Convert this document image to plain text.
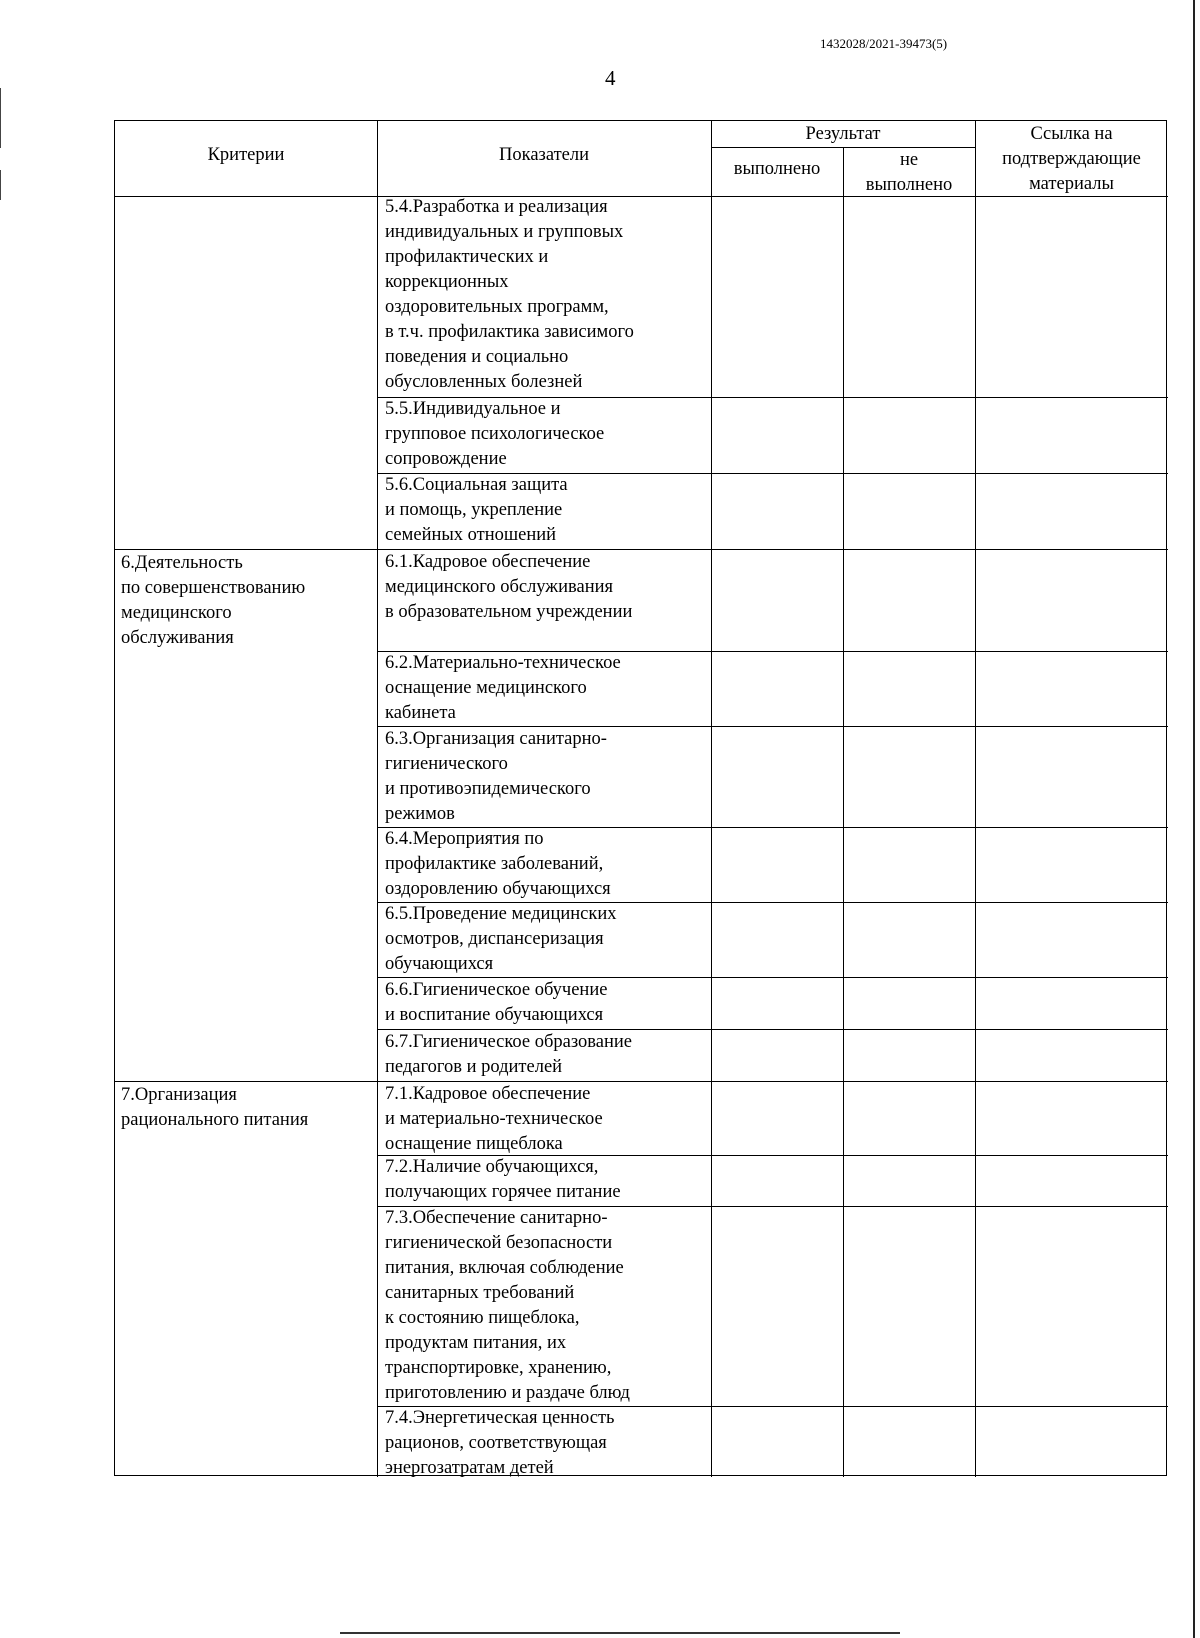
1432028/2021-39473(5)
4
Критерии	Показатели
Результат
выполнено	не
выполнено
Ссылка на
подтверждающие
материалы
6.Деятельность
по совершенствованию
медицинского
обслуживания
7.Организация
рационального питания
5.4.Разработка и реализация
индивидуальных и групповых
профилактических и
коррекционных
оздоровительных программ,
в т.ч. профилактика зависимого
поведения и социально
обусловленных болезней
5.5.Индивидуальное и
групповое психологическое
сопровождение
5.6.Социальная защита
и помощь, укрепление
семейных отношений
6.1.Кадровое обеспечение
медицинского обслуживания
в образовательном учреждении
6.2.Материально-техническое
оснащение медицинского
кабинета
6.3.Организация санитарно-
гигиенического
и противоэпидемического
режимов
6.4.Мероприятия по
профилактике заболеваний,
оздоровлению обучающихся
6.5.Проведение медицинских
осмотров, диспансеризация
обучающихся
6.6.Гигиеническое обучение
и воспитание обучающихся
6.7.Гигиеническое образование
педагогов и родителей
7.1.Кадровое обеспечение
и материально-техническое
оснащение пищеблока
7.2.Наличие обучающихся,
получающих горячее питание
7.3.Обеспечение санитарно-
гигиенической безопасности
питания, включая соблюдение
санитарных требований
к состоянию пищеблока,
продуктам питания, их
транспортировке, хранению,
приготовлению и раздаче блюд
7.4.Энергетическая ценность
рационов, соответствующая
энергозатратам детей
